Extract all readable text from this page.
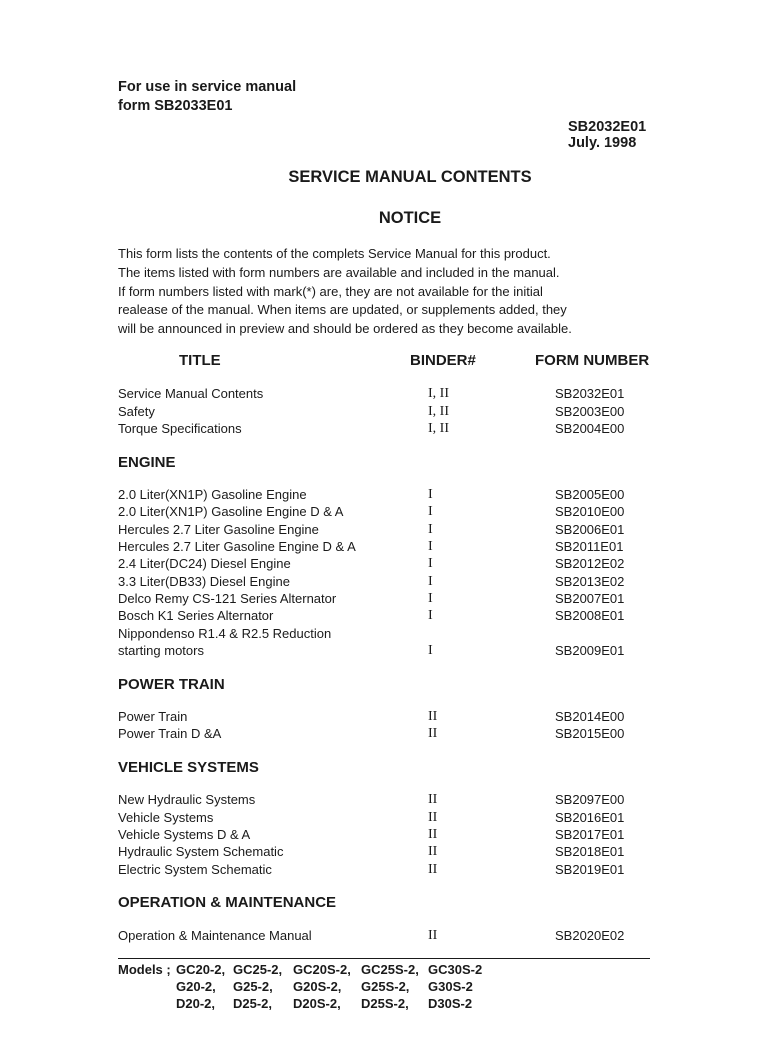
For use in service manual
form SB2033E01
SB2032E01
July. 1998
SERVICE MANUAL CONTENTS
NOTICE
This form lists the contents of the complets Service Manual for this product.
The items listed with form numbers are available and included in the manual.
If form numbers listed with mark(*) are, they are not available for the initial
realease of the manual. When items are updated, or supplements added, they
will be announced in preview and should be ordered as they become available.
TITLE	BINDER#	FORM NUMBER
Service Manual Contents	I, II	SB2032E01
Safety	I, II	SB2003E00
Torque Specifications	I, II	SB2004E00
ENGINE
2.0 Liter(XN1P) Gasoline Engine	I	SB2005E00
2.0 Liter(XN1P) Gasoline Engine D & A	I	SB2010E00
Hercules 2.7 Liter Gasoline Engine	I	SB2006E01
Hercules 2.7 Liter Gasoline Engine D & A	I	SB2011E01
2.4 Liter(DC24) Diesel Engine	I	SB2012E02
3.3 Liter(DB33) Diesel Engine	I	SB2013E02
Delco Remy CS-121 Series Alternator	I	SB2007E01
Bosch K1 Series Alternator	I	SB2008E01
Nippondenso R1.4 & R2.5 Reduction
starting motors	I	SB2009E01
POWER TRAIN
Power Train	II	SB2014E00
Power Train D &A	II	SB2015E00
VEHICLE SYSTEMS
New Hydraulic Systems	II	SB2097E00
Vehicle Systems	II	SB2016E01
Vehicle Systems D & A	II	SB2017E01
Hydraulic System Schematic	II	SB2018E01
Electric System Schematic	II	SB2019E01
OPERATION & MAINTENANCE
Operation & Maintenance Manual	II	SB2020E02
Models ; GC20-2, GC25-2, GC20S-2, GC25S-2, GC30S-2
G20-2, G25-2, G20S-2, G25S-2, G30S-2
D20-2, D25-2, D20S-2, D25S-2, D30S-2
